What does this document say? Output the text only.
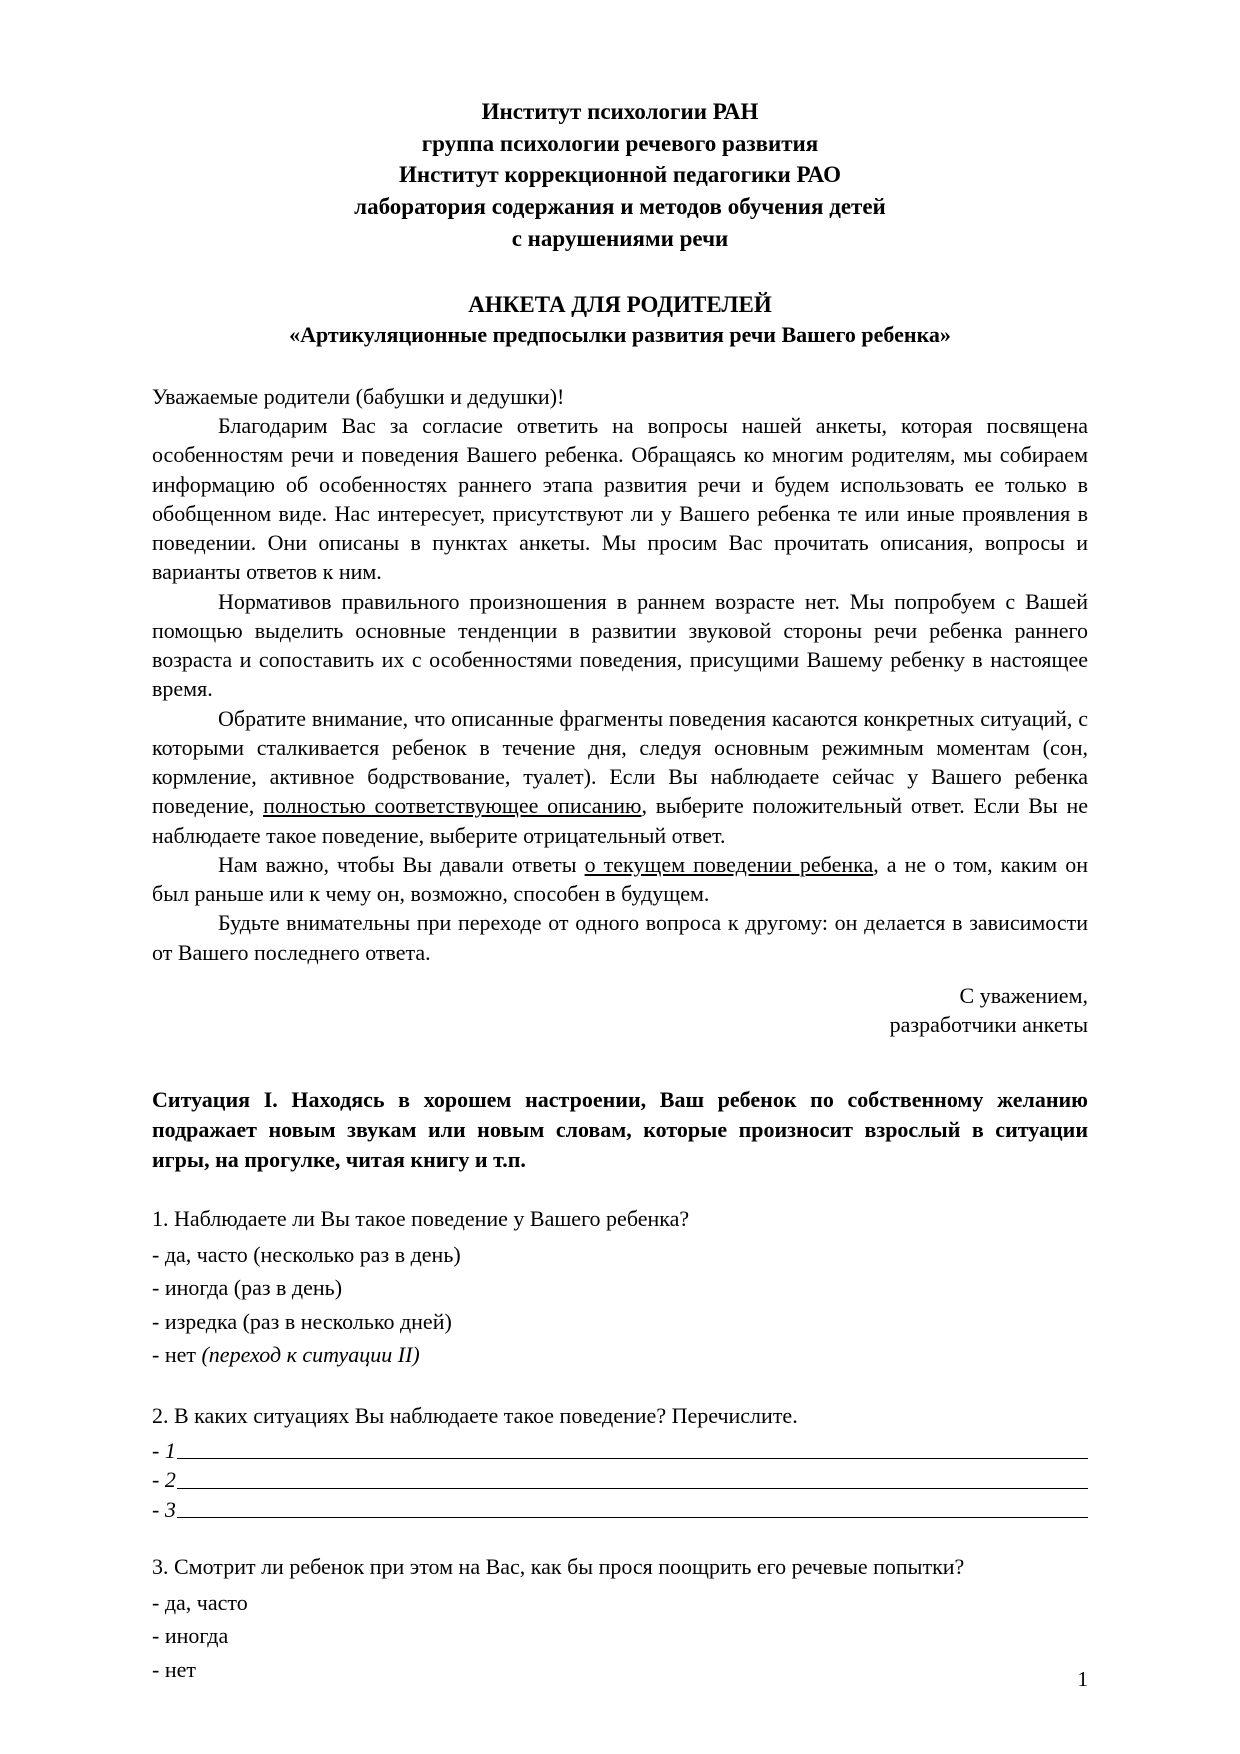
Институт психологии РАН
группа психологии речевого развития
Институт коррекционной педагогики РАО
лаборатория содержания и методов обучения детей
с нарушениями речи
АНКЕТА ДЛЯ РОДИТЕЛЕЙ
«Артикуляционные предпосылки развития речи Вашего ребенка»

Уважаемые родители (бабушки и дедушки)!

Благодарим Вас за согласие ответить на вопросы нашей анкеты, которая посвящена особенностям речи и поведения Вашего ребенка. Обращаясь ко многим родителям, мы собираем информацию об особенностях раннего этапа развития речи и будем использовать ее только в обобщенном виде. Нас интересует, присутствуют ли у Вашего ребенка те или иные проявления в поведении. Они описаны в пунктах анкеты. Мы просим Вас прочитать описания, вопросы и варианты ответов к ним.

Нормативов правильного произношения в раннем возрасте нет. Мы попробуем с Вашей помощью выделить основные тенденции в развитии звуковой стороны речи ребенка раннего возраста и сопоставить их с особенностями поведения, присущими Вашему ребенку в настоящее время.

Обратите внимание, что описанные фрагменты поведения касаются конкретных ситуаций, с которыми сталкивается ребенок в течение дня, следуя основным режимным моментам (сон, кормление, активное бодрствование, туалет). Если Вы наблюдаете сейчас у Вашего ребенка поведение, полностью соответствующее описанию, выберите положительный ответ. Если Вы не наблюдаете такое поведение, выберите отрицательный ответ.

Нам важно, чтобы Вы давали ответы о текущем поведении ребенка, а не о том, каким он был раньше или к чему он, возможно, способен в будущем.

Будьте внимательны при переходе от одного вопроса к другому: он делается в зависимости от Вашего последнего ответа.

С уважением,
разработчики анкеты
Ситуация I. Находясь в хорошем настроении, Ваш ребенок по собственному желанию подражает новым звукам или новым словам, которые произносит взрослый в ситуации игры, на прогулке, читая книгу и т.п.

1. Наблюдаете ли Вы такое поведение у Вашего ребенка?

- да, часто (несколько раз в день)

- иногда (раз в день)

- изредка (раз в несколько дней)

- нет (переход к ситуации II)

2. В каких ситуациях Вы наблюдаете такое поведение? Перечислите.

- 1
- 2
- 3

3. Смотрит ли ребенок при этом на Вас, как бы прося поощрить его речевые попытки?

- да, часто

- иногда

- нет	1
